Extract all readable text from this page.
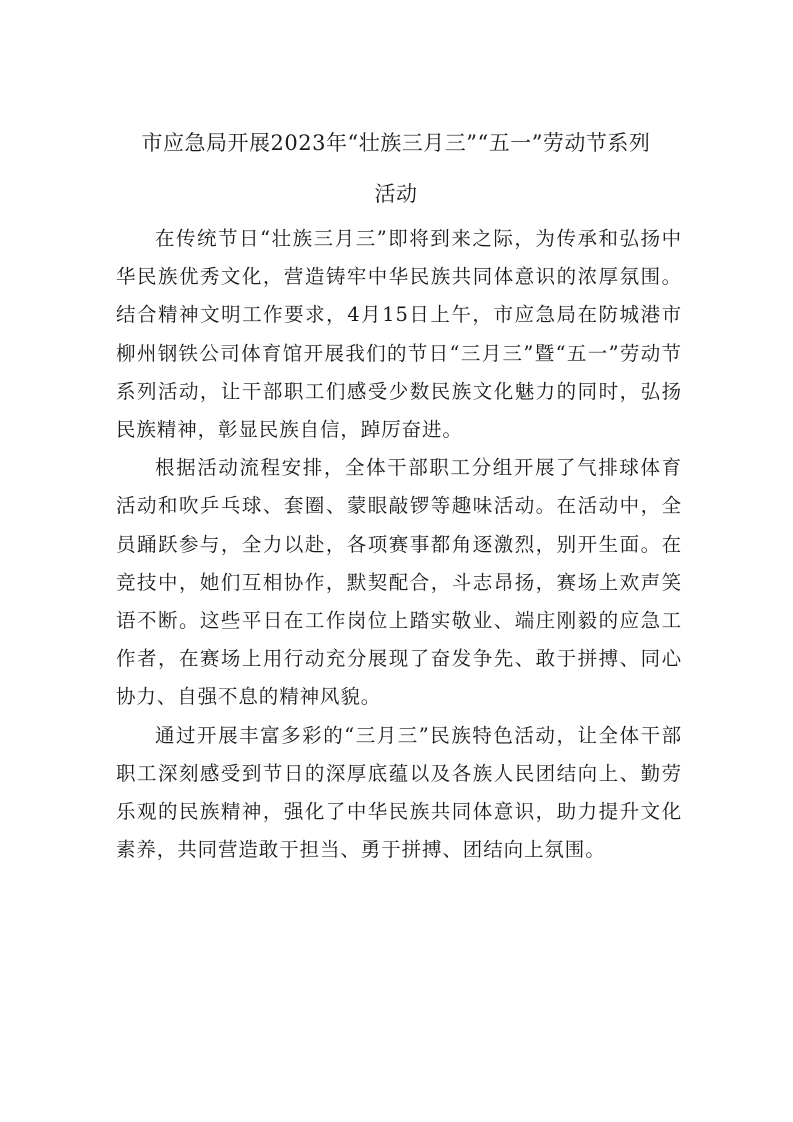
市应急局开展2023年“壮族三月三”“五一”劳动节系列
活动

在传统节日“壮族三月三”即将到来之际，为传承和弘扬中华民族优秀文化，营造铸牢中华民族共同体意识的浓厚氛围。结合精神文明工作要求，4月15日上午，市应急局在防城港市柳州钢铁公司体育馆开展我们的节日“三月三”暨“五一”劳动节系列活动，让干部职工们感受少数民族文化魅力的同时，弘扬民族精神，彰显民族自信，踔厉奋进。

根据活动流程安排，全体干部职工分组开展了气排球体育活动和吹乒乓球、套圈、蒙眼敲锣等趣味活动。在活动中，全员踊跃参与，全力以赴，各项赛事都角逐激烈，别开生面。在竞技中，她们互相协作，默契配合，斗志昂扬，赛场上欢声笑语不断。这些平日在工作岗位上踏实敬业、端庄刚毅的应急工作者，在赛场上用行动充分展现了奋发争先、敢于拼搏、同心协力、自强不息的精神风貌。

通过开展丰富多彩的“三月三”民族特色活动，让全体干部职工深刻感受到节日的深厚底蕴以及各族人民团结向上、勤劳乐观的民族精神，强化了中华民族共同体意识，助力提升文化素养，共同营造敢于担当、勇于拼搏、团结向上氛围。
